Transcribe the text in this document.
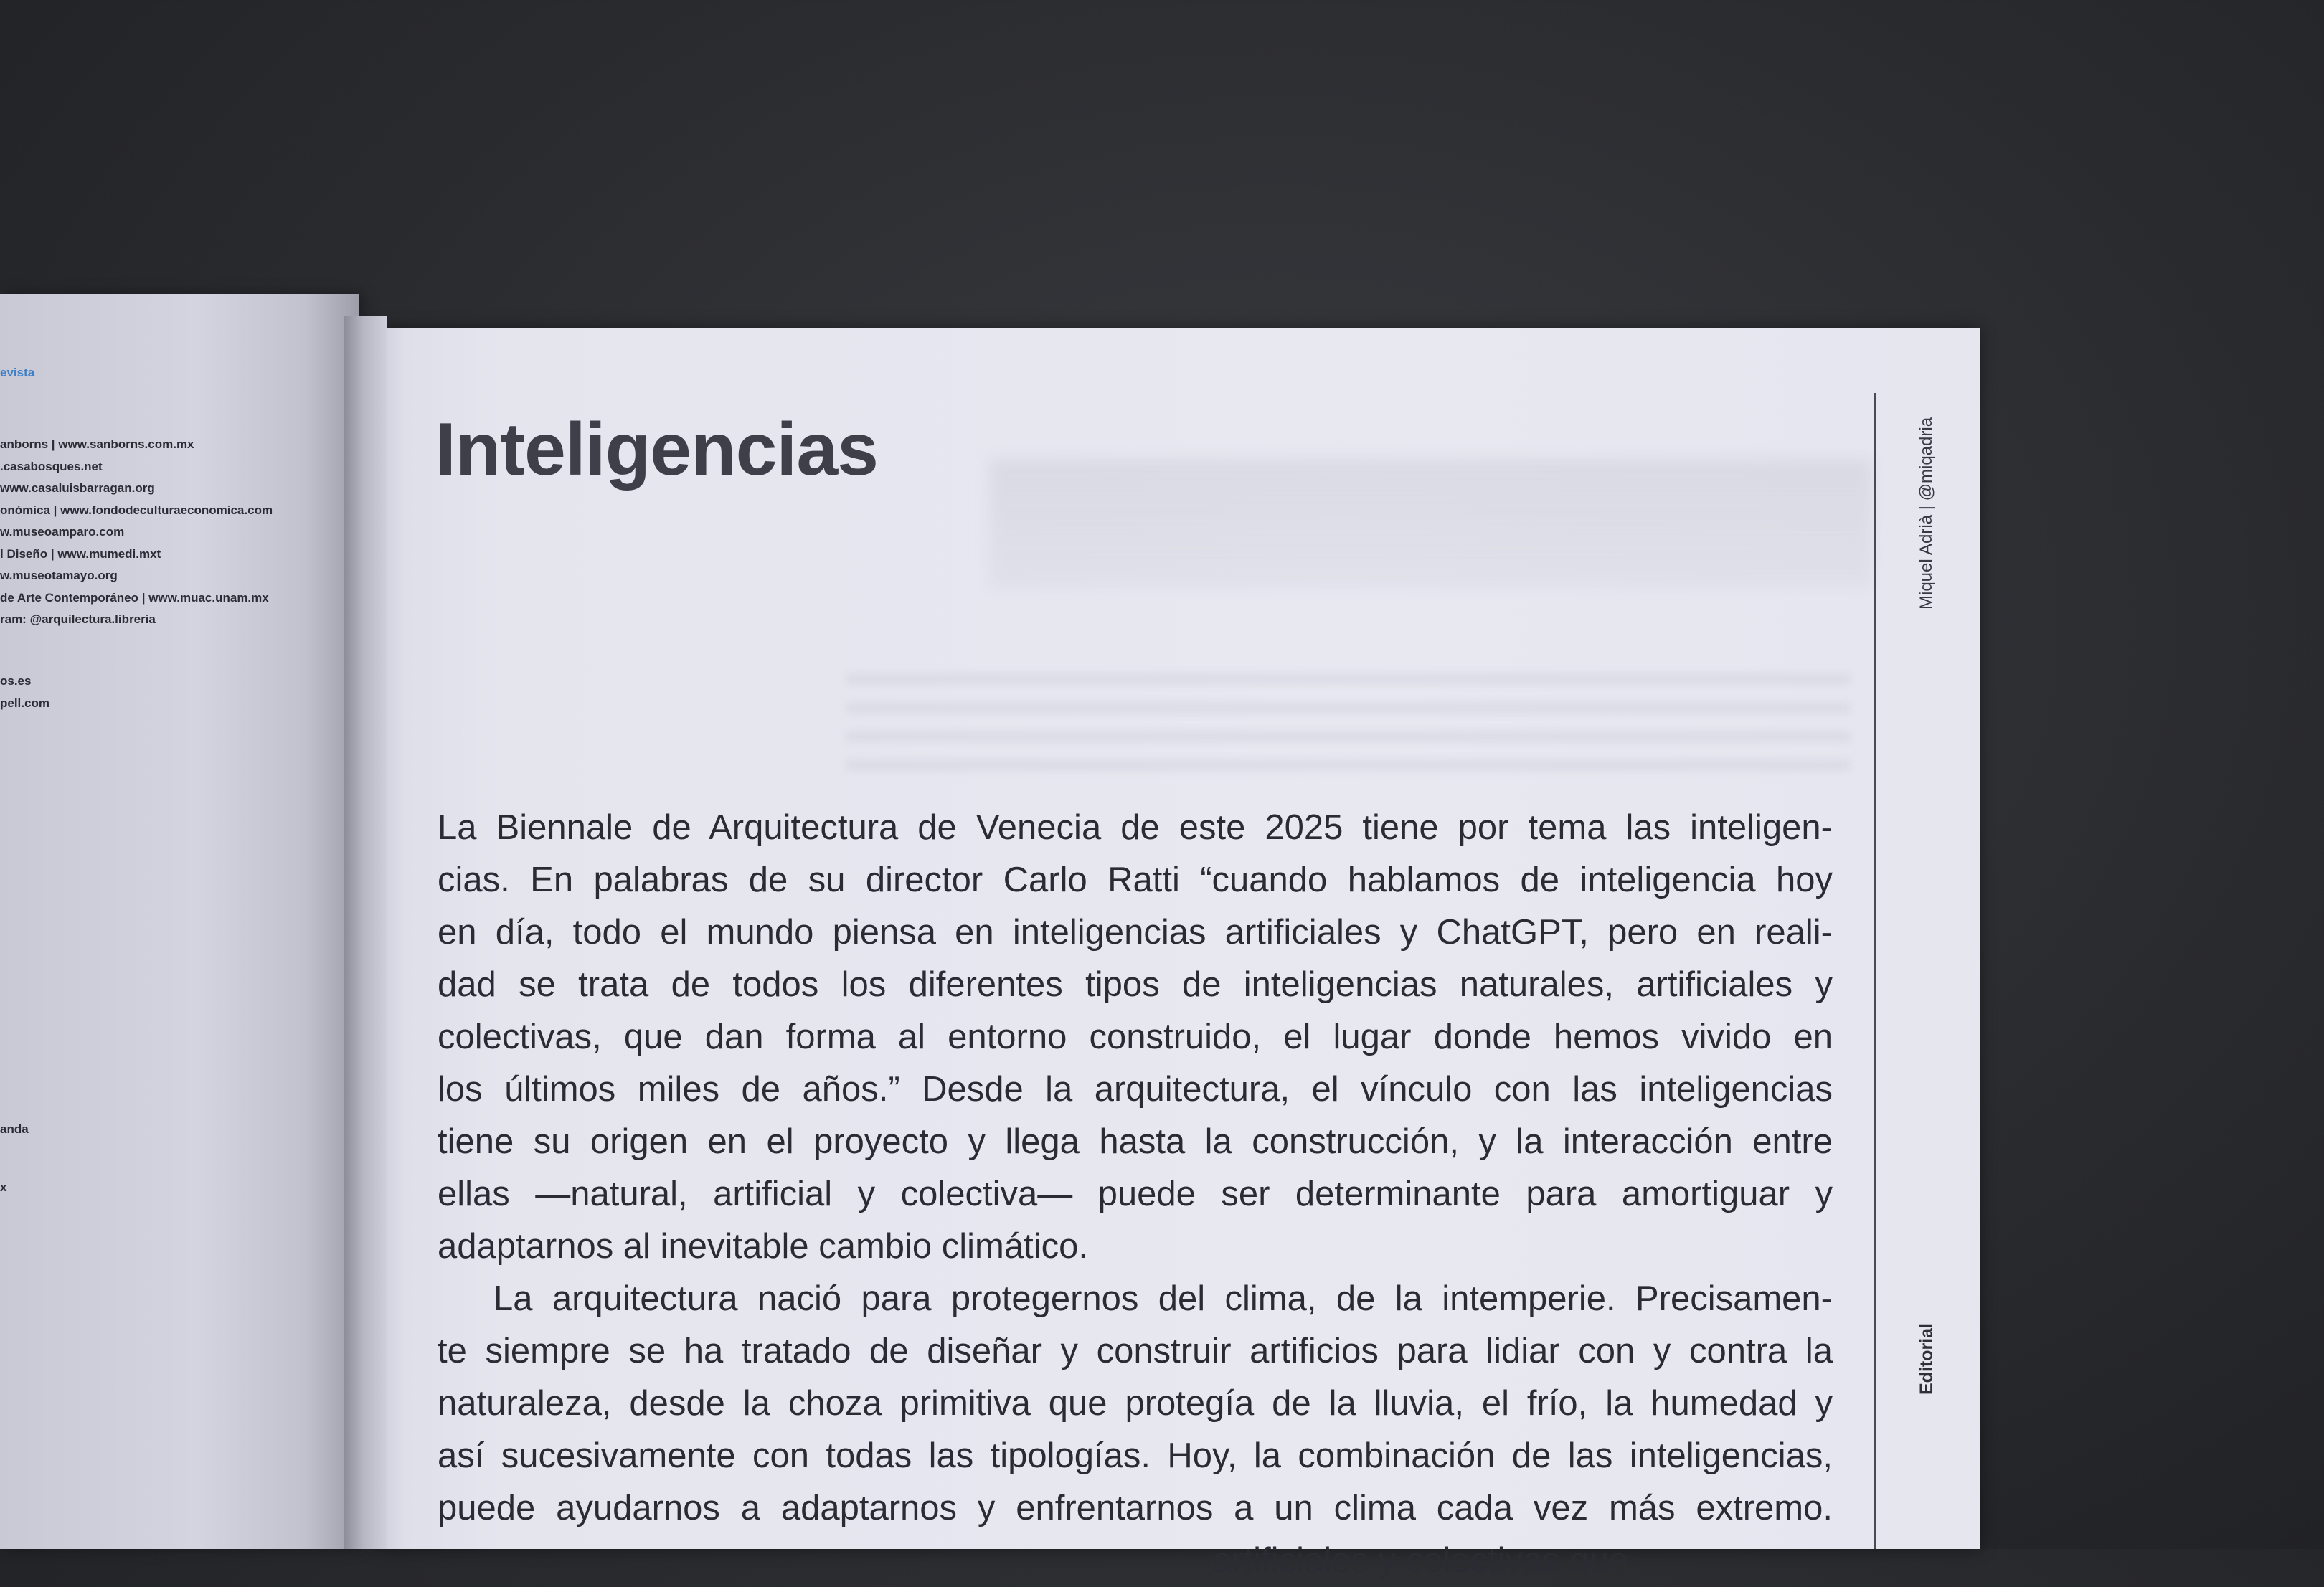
evista
anborns | www.sanborns.com.mx
.casabosques.net
www.casaluisbarragan.org
onómica | www.fondodeculturaeconomica.com
w.museoamparo.com
l Diseño | www.mumedi.mxt
w.museotamayo.org
de Arte Contemporáneo | www.muac.unam.mx
ram: @arquilectura.libreria
os.es
pell.com
anda
x
Inteligencias
La Biennale de Arquitectura de Venecia de este 2025 tiene por tema las inteligen-
cias. En palabras de su director Carlo Ratti “cuando hablamos de inteligencia hoy
en día, todo el mundo piensa en inteligencias artificiales y ChatGPT, pero en reali-
dad se trata de todos los diferentes tipos de inteligencias naturales, artificiales y
colectivas, que dan forma al entorno construido, el lugar donde hemos vivido en
los últimos miles de años.” Desde la arquitectura, el vínculo con las inteligencias
tiene su origen en el proyecto y llega hasta la construcción, y la interacción entre
ellas —natural, artificial y colectiva— puede ser determinante para amortiguar y
adaptarnos al inevitable cambio climático.
La arquitectura nació para protegernos del clima, de la intemperie. Precisamen-
te siempre se ha tratado de diseñar y construir artificios para lidiar con y contra la
naturaleza, desde la choza primitiva que protegía de la lluvia, el frío, la humedad y
así sucesivamente con todas las tipologías. Hoy, la combinación de las inteligencias,
puede ayudarnos a adaptarnos y enfrentarnos a un clima cada vez más extremo.
artificiales y colectivas que
Miquel Adrià | @miqadria
Editorial
